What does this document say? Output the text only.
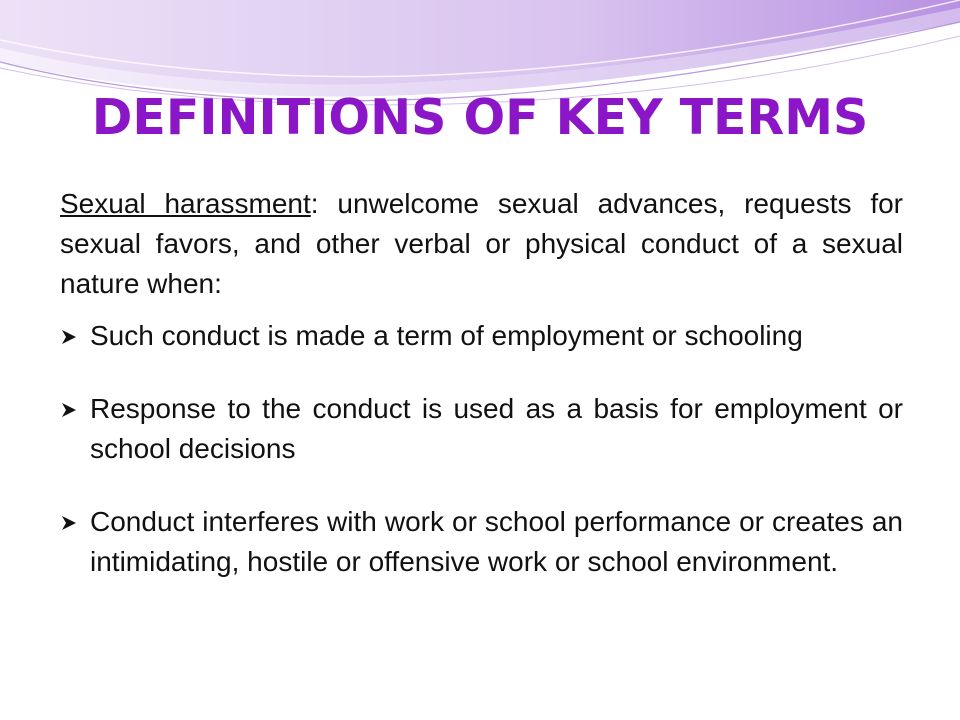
DEFINITIONS OF KEY TERMS

Sexual harassment: unwelcome sexual advances, requests for sexual favors, and other verbal or physical conduct of a sexual nature when:

Such conduct is made a term of employment or schooling
Response to the conduct is used as a basis for employment or school decisions
Conduct interferes with work or school performance or creates an intimidating, hostile or offensive work or school environment.
